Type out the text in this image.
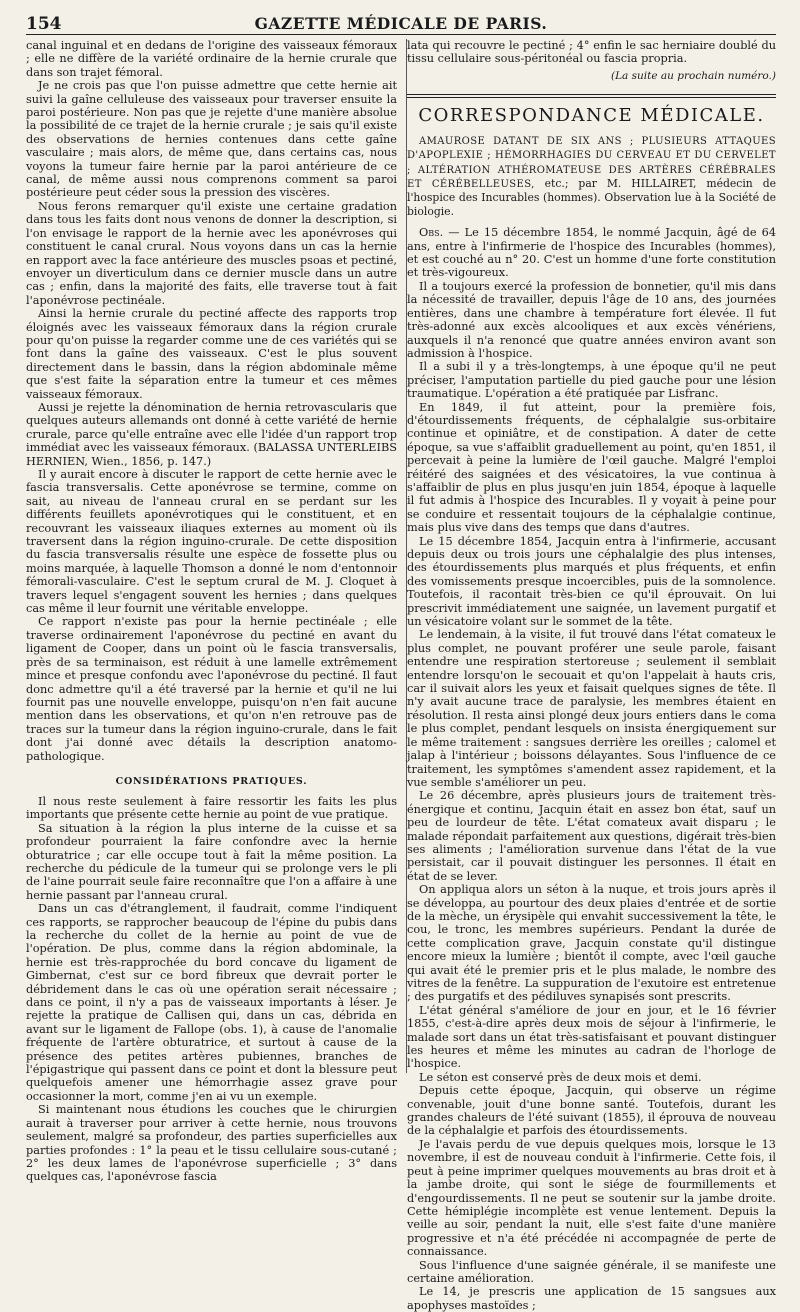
154	GAZETTE MÉDICALE DE PARIS.

canal inguinal et en dedans de l'origine des vaisseaux fémoraux ; elle ne diffère de la variété ordinaire de la hernie crurale que dans son trajet fémoral.

Je ne crois pas que l'on puisse admettre que cette hernie ait suivi la gaîne celluleuse des vaisseaux pour traverser ensuite la paroi postérieure. Non pas que je rejette d'une manière absolue la possibilité de ce trajet de la hernie crurale ; je sais qu'il existe des observations de hernies contenues dans cette gaîne vasculaire ; mais alors, de même que, dans certains cas, nous voyons la tumeur faire hernie par la paroi antérieure de ce canal, de même aussi nous comprenons comment sa paroi postérieure peut céder sous la pression des viscères.

Nous ferons remarquer qu'il existe une certaine gradation dans tous les faits dont nous venons de donner la description, si l'on envisage le rapport de la hernie avec les aponévroses qui constituent le canal crural. Nous voyons dans un cas la hernie en rapport avec la face antérieure des muscles psoas et pectiné, envoyer un diverticulum dans ce dernier muscle dans un autre cas ; enfin, dans la majorité des faits, elle traverse tout à fait l'aponévrose pectinéale.

Ainsi la hernie crurale du pectiné affecte des rapports trop éloignés avec les vaisseaux fémoraux dans la région crurale pour qu'on puisse la regarder comme une de ces variétés qui se font dans la gaîne des vaisseaux. C'est le plus souvent directement dans le bassin, dans la région abdominale même que s'est faite la séparation entre la tumeur et ces mêmes vaisseaux fémoraux.

Aussi je rejette la dénomination de hernia retrovascularis que quelques auteurs allemands ont donné à cette variété de hernie crurale, parce qu'elle entraîne avec elle l'idée d'un rapport trop immédiat avec les vaisseaux fémoraux. (BALASSA UNTERLEIBS HERNIEN, Wien., 1856, p. 147.)

Il y aurait encore à discuter le rapport de cette hernie avec le fascia transversalis. Cette aponévrose se termine, comme on sait, au niveau de l'anneau crural en se perdant sur les différents feuillets aponévrotiques qui le constituent, et en recouvrant les vaisseaux iliaques externes au moment où ils traversent dans la région inguino-crurale. De cette disposition du fascia transversalis résulte une espèce de fossette plus ou moins marquée, à laquelle Thomson a donné le nom d'entonnoir fémorali-vasculaire. C'est le septum crural de M. J. Cloquet à travers lequel s'engagent souvent les hernies ; dans quelques cas même il leur fournit une véritable enveloppe.

Ce rapport n'existe pas pour la hernie pectinéale ; elle traverse ordinairement l'aponévrose du pectiné en avant du ligament de Cooper, dans un point où le fascia transversalis, près de sa terminaison, est réduit à une lamelle extrêmement mince et presque confondu avec l'aponévrose du pectiné. Il faut donc admettre qu'il a été traversé par la hernie et qu'il ne lui fournit pas une nouvelle enveloppe, puisqu'on n'en fait aucune mention dans les observations, et qu'on n'en retrouve pas de traces sur la tumeur dans la région inguino-crurale, dans le fait dont j'ai donné avec détails la description anatomo-pathologique.

CONSIDÉRATIONS PRATIQUES.

Il nous reste seulement à faire ressortir les faits les plus importants que présente cette hernie au point de vue pratique.

Sa situation à la région la plus interne de la cuisse et sa profondeur pourraient la faire confondre avec la hernie obturatrice ; car elle occupe tout à fait la même position. La recherche du pédicule de la tumeur qui se prolonge vers le pli de l'aine pourrait seule faire reconnaître que l'on a affaire à une hernie passant par l'anneau crural.

Dans un cas d'étranglement, il faudrait, comme l'indiquent ces rapports, se rapprocher beaucoup de l'épine du pubis dans la recherche du collet de la hernie au point de vue de l'opération. De plus, comme dans la région abdominale, la hernie est très-rapprochée du bord concave du ligament de Gimbernat, c'est sur ce bord fibreux que devrait porter le débridement dans le cas où une opération serait nécessaire ; dans ce point, il n'y a pas de vaisseaux importants à léser. Je rejette la pratique de Callisen qui, dans un cas, débrida en avant sur le ligament de Fallope (obs. 1), à cause de l'anomalie fréquente de l'artère obturatrice, et surtout à cause de la présence des petites artères pubiennes, branches de l'épigastrique qui passent dans ce point et dont la blessure peut quelquefois amener une hémorrhagie assez grave pour occasionner la mort, comme j'en ai vu un exemple.

Si maintenant nous étudions les couches que le chirurgien aurait à traverser pour arriver à cette hernie, nous trouvons seulement, malgré sa profondeur, des parties superficielles aux parties profondes : 1° la peau et le tissu cellulaire sous-cutané ; 2° les deux lames de l'aponévrose superficielle ; 3° dans quelques cas, l'aponévrose fascia

lata qui recouvre le pectiné ; 4° enfin le sac herniaire doublé du tissu cellulaire sous-péritonéal ou fascia propria.

(La suite au prochain numéro.)
CORRESPONDANCE MÉDICALE.
AMAUROSE DATANT DE SIX ANS ; PLUSIEURS ATTAQUES D'APOPLEXIE ; HÉMORRHAGIES DU CERVEAU ET DU CERVELET ; ALTÉRATION ATHÉROMATEUSE DES ARTÈRES CÉRÉBRALES ET CÉRÉBELLEUSES, etc.; par M. HILLAIRET, médecin de l'hospice des Incurables (hommes). Observation lue à la Société de biologie.

Obs. — Le 15 décembre 1854, le nommé Jacquin, âgé de 64 ans, entre à l'infirmerie de l'hospice des Incurables (hommes), et est couché au n° 20. C'est un homme d'une forte constitution et très-vigoureux.

Il a toujours exercé la profession de bonnetier, qu'il mis dans la nécessité de travailler, depuis l'âge de 10 ans, des journées entières, dans une chambre à température fort élevée. Il fut très-adonné aux excès alcooliques et aux excès vénériens, auxquels il n'a renoncé que quatre années environ avant son admission à l'hospice.

Il a subi il y a très-longtemps, à une époque qu'il ne peut préciser, l'amputation partielle du pied gauche pour une lésion traumatique. L'opération a été pratiquée par Lisfranc.

En 1849, il fut atteint, pour la première fois, d'étourdissements fréquents, de céphalalgie sus-orbitaire continue et opiniâtre, et de constipation. A dater de cette époque, sa vue s'affaiblit graduellement au point, qu'en 1851, il percevait à peine la lumière de l'œil gauche. Malgré l'emploi réitéré des saignées et des vésicatoires, la vue continua à s'affaiblir de plus en plus jusqu'en juin 1854, époque à laquelle il fut admis à l'hospice des Incurables. Il y voyait à peine pour se conduire et ressentait toujours de la céphalalgie continue, mais plus vive dans des temps que dans d'autres.

Le 15 décembre 1854, Jacquin entra à l'infirmerie, accusant depuis deux ou trois jours une céphalalgie des plus intenses, des étourdissements plus marqués et plus fréquents, et enfin des vomissements presque incoercibles, puis de la somnolence. Toutefois, il racontait très-bien ce qu'il éprouvait. On lui prescrivit immédiatement une saignée, un lavement purgatif et un vésicatoire volant sur le sommet de la tête.

Le lendemain, à la visite, il fut trouvé dans l'état comateux le plus complet, ne pouvant proférer une seule parole, faisant entendre une respiration stertoreuse ; seulement il semblait entendre lorsqu'on le secouait et qu'on l'appelait à hauts cris, car il suivait alors les yeux et faisait quelques signes de tête. Il n'y avait aucune trace de paralysie, les membres étaient en résolution. Il resta ainsi plongé deux jours entiers dans le coma le plus complet, pendant lesquels on insista énergiquement sur le même traitement : sangsues derrière les oreilles ; calomel et jalap à l'intérieur ; boissons délayantes. Sous l'influence de ce traitement, les symptômes s'amendent assez rapidement, et la vue semble s'améliorer un peu.

Le 26 décembre, après plusieurs jours de traitement très-énergique et continu, Jacquin était en assez bon état, sauf un peu de lourdeur de tête. L'état comateux avait disparu ; le malade répondait parfaitement aux questions, digérait très-bien ses aliments ; l'amélioration survenue dans l'état de la vue persistait, car il pouvait distinguer les personnes. Il était en état de se lever.

On appliqua alors un séton à la nuque, et trois jours après il se développa, au pourtour des deux plaies d'entrée et de sortie de la mèche, un érysipèle qui envahit successivement la tête, le cou, le tronc, les membres supérieurs. Pendant la durée de cette complication grave, Jacquin constate qu'il distingue encore mieux la lumière ; bientôt il compte, avec l'œil gauche qui avait été le premier pris et le plus malade, le nombre des vitres de la fenêtre. La suppuration de l'exutoire est entretenue ; des purgatifs et des pédiluves synapisés sont prescrits.

L'état général s'améliore de jour en jour, et le 16 février 1855, c'est-à-dire après deux mois de séjour à l'infirmerie, le malade sort dans un état très-satisfaisant et pouvant distinguer les heures et même les minutes au cadran de l'horloge de l'hospice.

Le séton est conservé près de deux mois et demi.

Depuis cette époque, Jacquin, qui observe un régime convenable, jouit d'une bonne santé. Toutefois, durant les grandes chaleurs de l'été suivant (1855), il éprouva de nouveau de la céphalalgie et parfois des étourdissements.

Je l'avais perdu de vue depuis quelques mois, lorsque le 13 novembre, il est de nouveau conduit à l'infirmerie. Cette fois, il peut à peine imprimer quelques mouvements au bras droit et à la jambe droite, qui sont le siége de fourmillements et d'engourdissements. Il ne peut se soutenir sur la jambe droite. Cette hémiplégie incomplète est venue lentement. Depuis la veille au soir, pendant la nuit, elle s'est faite d'une manière progressive et n'a été précédée ni accompagnée de perte de connaissance.

Sous l'influence d'une saignée générale, il se manifeste une certaine amélioration.

Le 14, je prescris une application de 15 sangsues aux apophyses mastoïdes ;
